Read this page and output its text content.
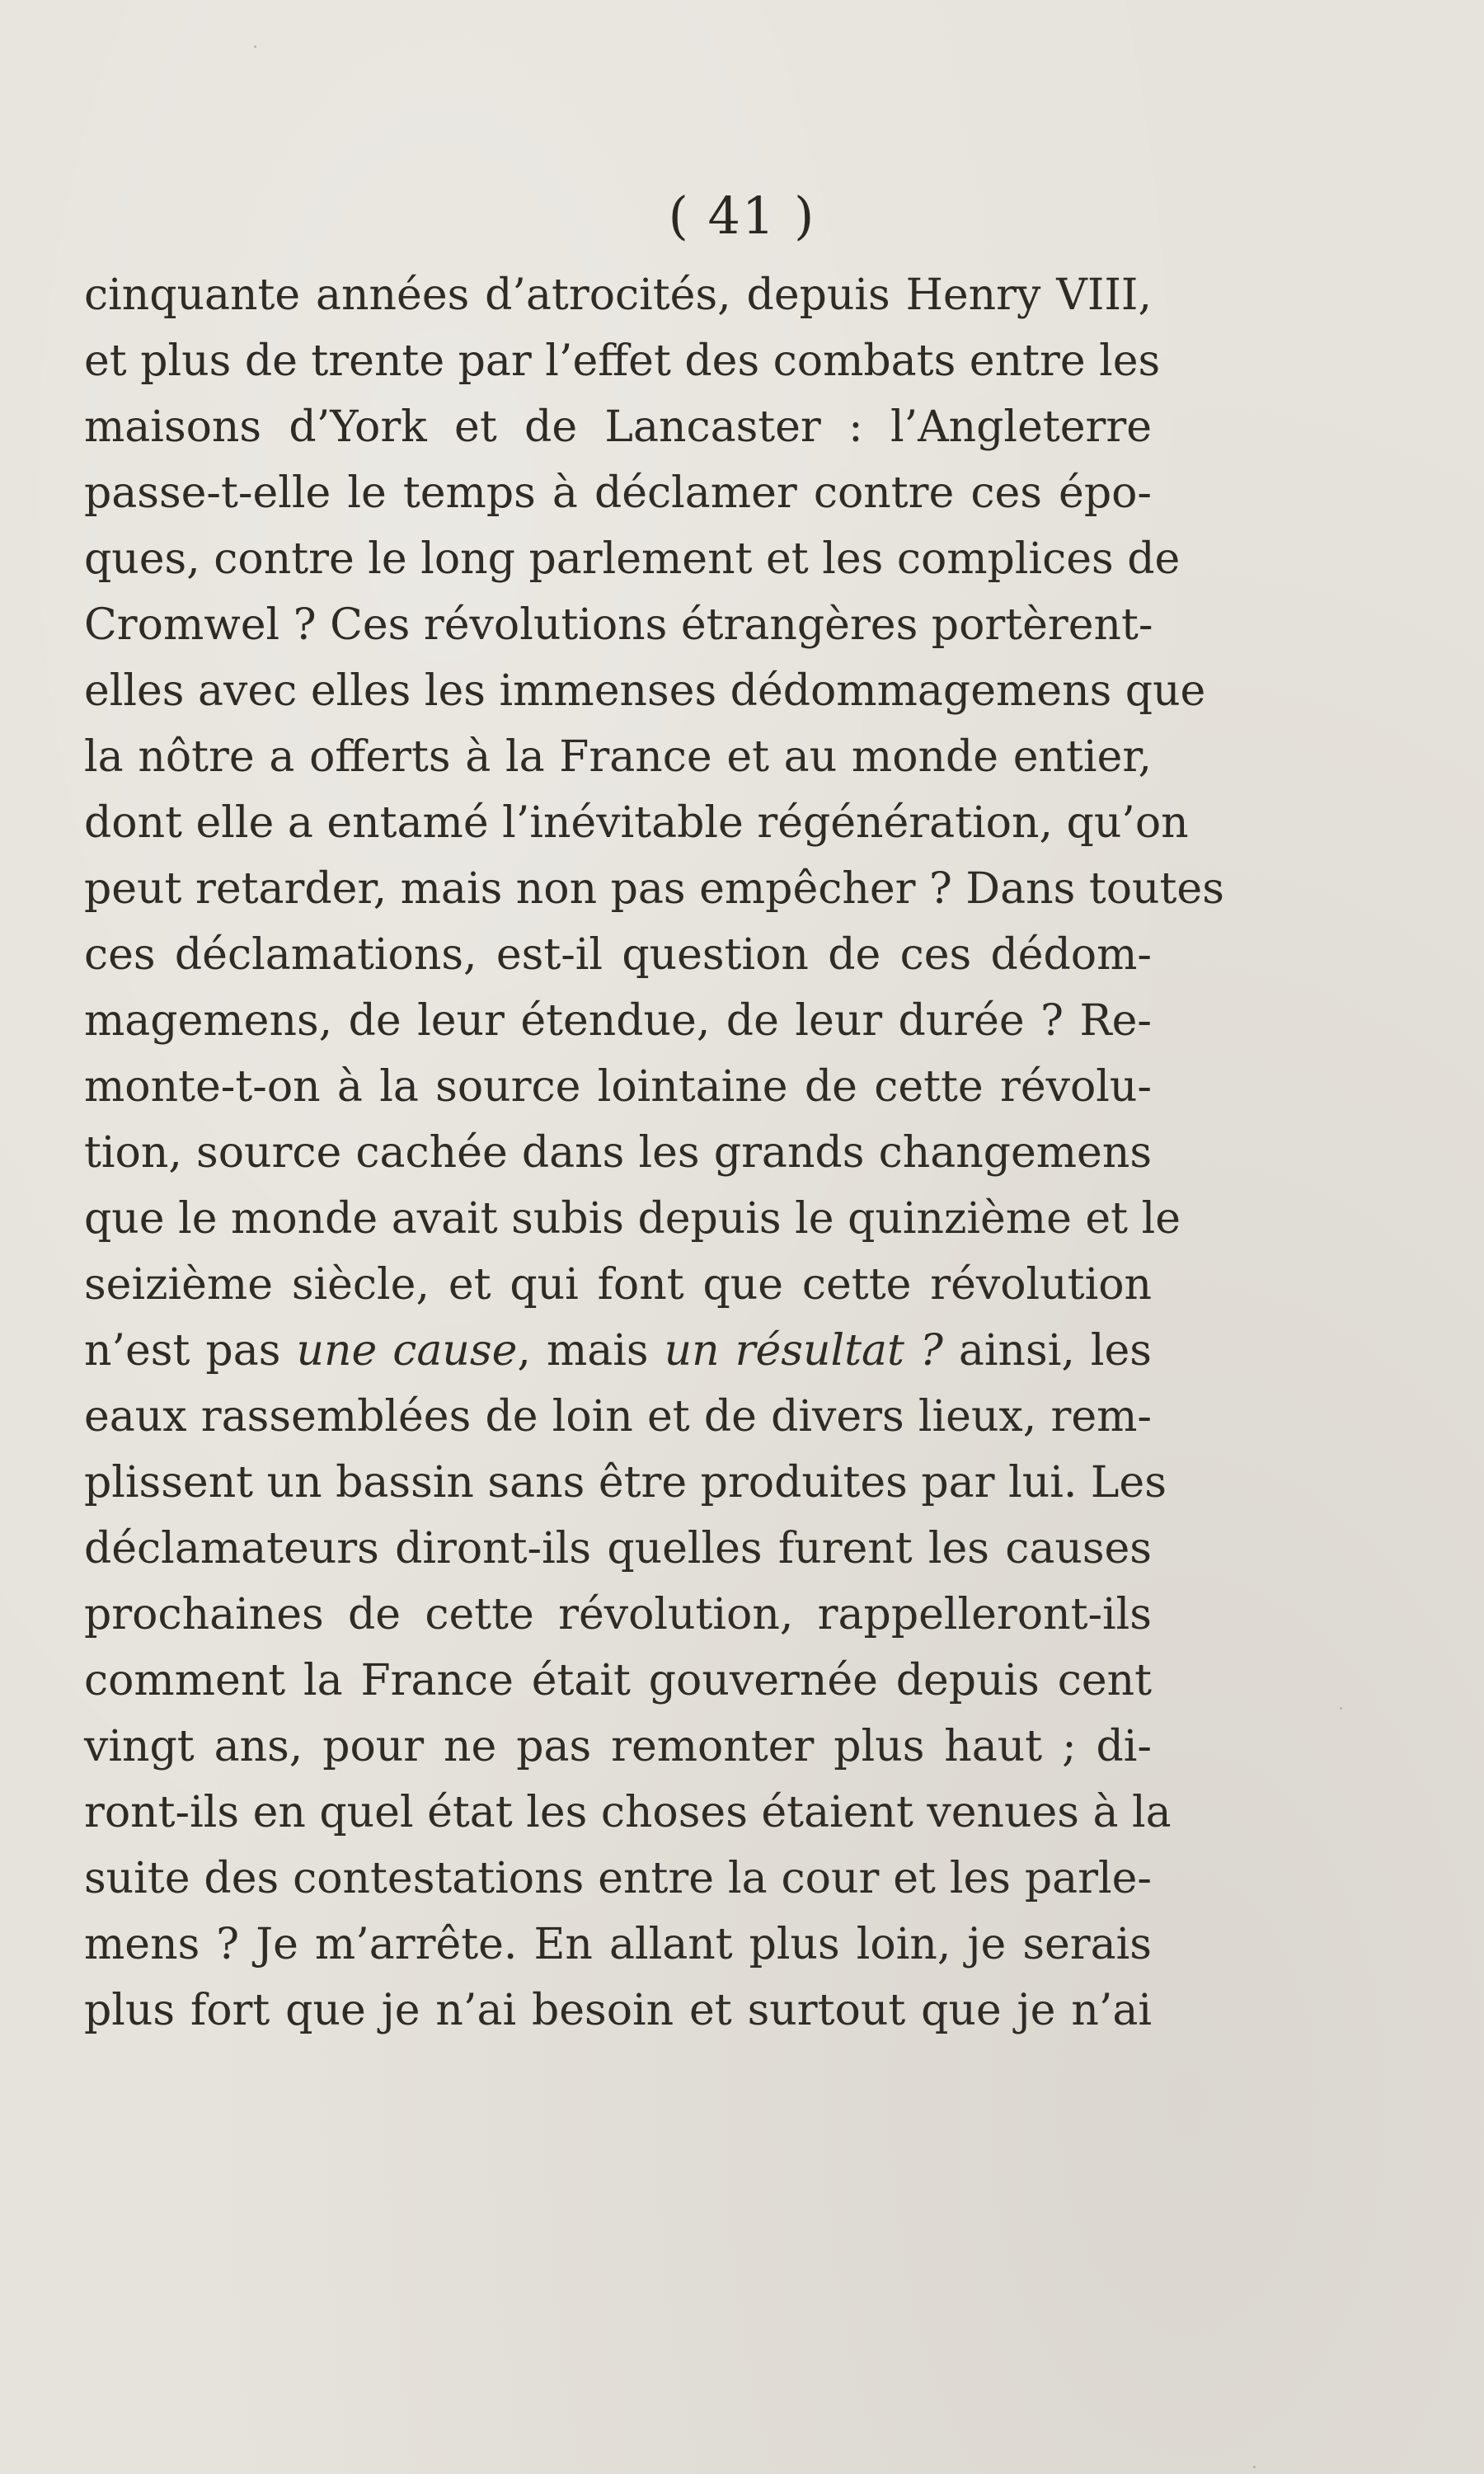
( 41 )
cinquante années d’atrocités, depuis Henry VIII,
et plus de trente par l’effet des combats entre les
maisons d’York et de Lancaster : l’Angleterre
passe-t-elle le temps à déclamer contre ces épo-
ques, contre le long parlement et les complices de
Cromwel ? Ces révolutions étrangères portèrent-
elles avec elles les immenses dédommagemens que
la nôtre a offerts à la France et au monde entier,
dont elle a entamé l’inévitable régénération, qu’on
peut retarder, mais non pas empêcher ? Dans toutes
ces déclamations, est-il question de ces dédom-
magemens, de leur étendue, de leur durée ? Re-
monte-t-on à la source lointaine de cette révolu-
tion, source cachée dans les grands changemens
que le monde avait subis depuis le quinzième et le
seizième siècle, et qui font que cette révolution
n’est pas une cause, mais un résultat ? ainsi, les
eaux rassemblées de loin et de divers lieux, rem-
plissent un bassin sans être produites par lui. Les
déclamateurs diront-ils quelles furent les causes
prochaines de cette révolution, rappelleront-ils
comment la France était gouvernée depuis cent
vingt ans, pour ne pas remonter plus haut ; di-
ront-ils en quel état les choses étaient venues à la
suite des contestations entre la cour et les parle-
mens ? Je m’arrête. En allant plus loin, je serais
plus fort que je n’ai besoin et surtout que je n’ai
